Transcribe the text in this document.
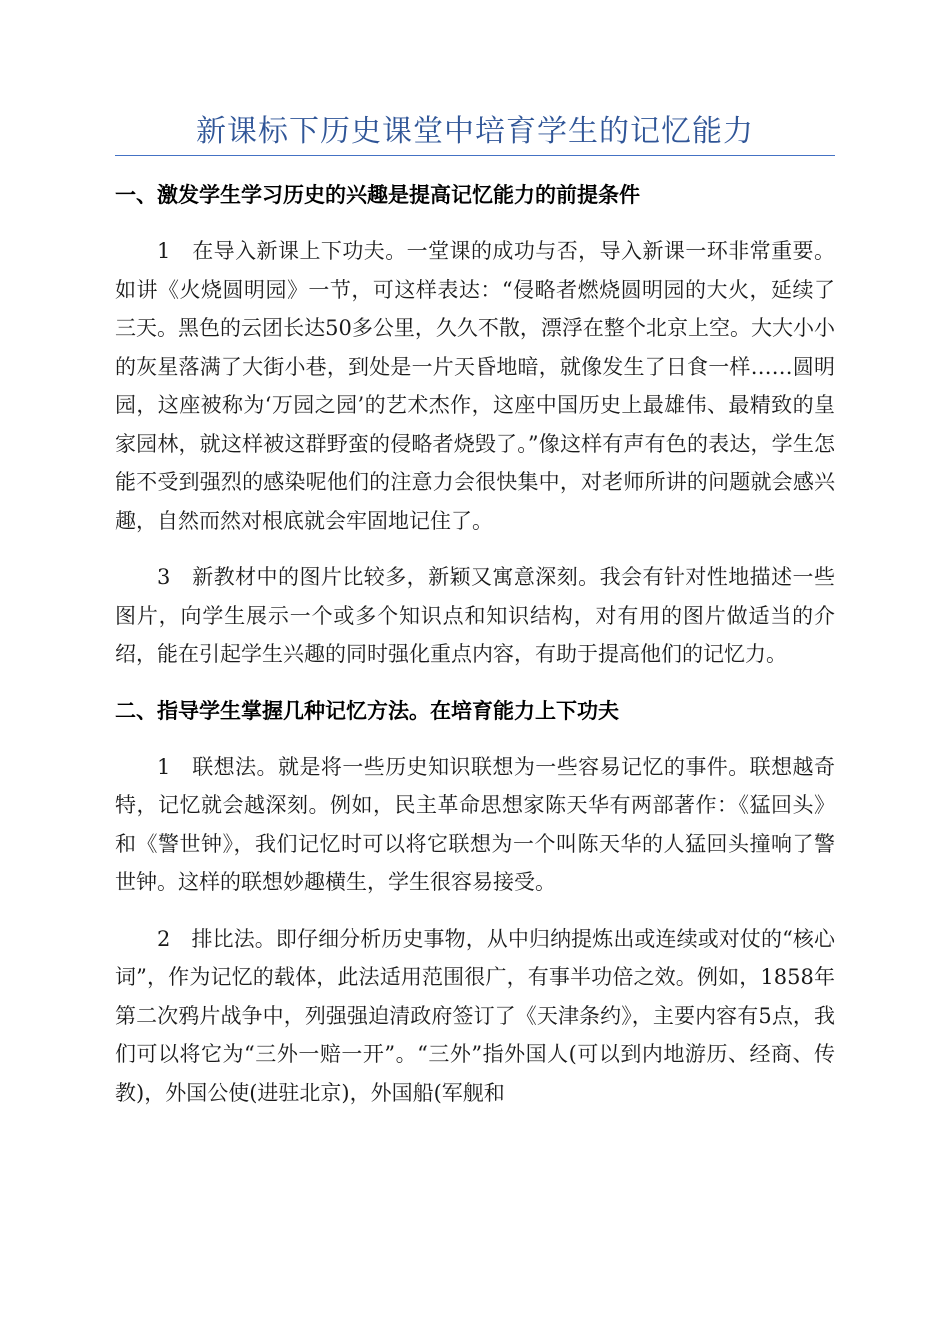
新课标下历史课堂中培育学生的记忆能力
一、激发学生学习历史的兴趣是提高记忆能力的前提条件

1　在导入新课上下功夫。一堂课的成功与否，导入新课一环非常重要。如讲《火烧圆明园》一节，可这样表达：“侵略者燃烧圆明园的大火，延续了三天。黑色的云团长达50多公里，久久不散，漂浮在整个北京上空。大大小小的灰星落满了大街小巷，到处是一片天昏地暗，就像发生了日食一样……圆明园，这座被称为‘万园之园’的艺术杰作，这座中国历史上最雄伟、最精致的皇家园林，就这样被这群野蛮的侵略者烧毁了。”像这样有声有色的表达，学生怎能不受到强烈的感染呢他们的注意力会很快集中，对老师所讲的问题就会感兴趣，自然而然对根底就会牢固地记住了。

3　新教材中的图片比较多，新颖又寓意深刻。我会有针对性地描述一些图片，向学生展示一个或多个知识点和知识结构，对有用的图片做适当的介绍，能在引起学生兴趣的同时强化重点内容，有助于提高他们的记忆力。

二、指导学生掌握几种记忆方法。在培育能力上下功夫

1　联想法。就是将一些历史知识联想为一些容易记忆的事件。联想越奇特，记忆就会越深刻。例如，民主革命思想家陈天华有两部著作：《猛回头》和《警世钟》，我们记忆时可以将它联想为一个叫陈天华的人猛回头撞响了警世钟。这样的联想妙趣横生，学生很容易接受。

2　排比法。即仔细分析历史事物，从中归纳提炼出或连续或对仗的“核心词”，作为记忆的载体，此法适用范围很广，有事半功倍之效。例如，1858年第二次鸦片战争中，列强强迫清政府签订了《天津条约》，主要内容有5点，我们可以将它为“三外一赔一开”。“三外”指外国人(可以到内地游历、经商、传教)，外国公使(进驻北京)，外国船(军舰和
